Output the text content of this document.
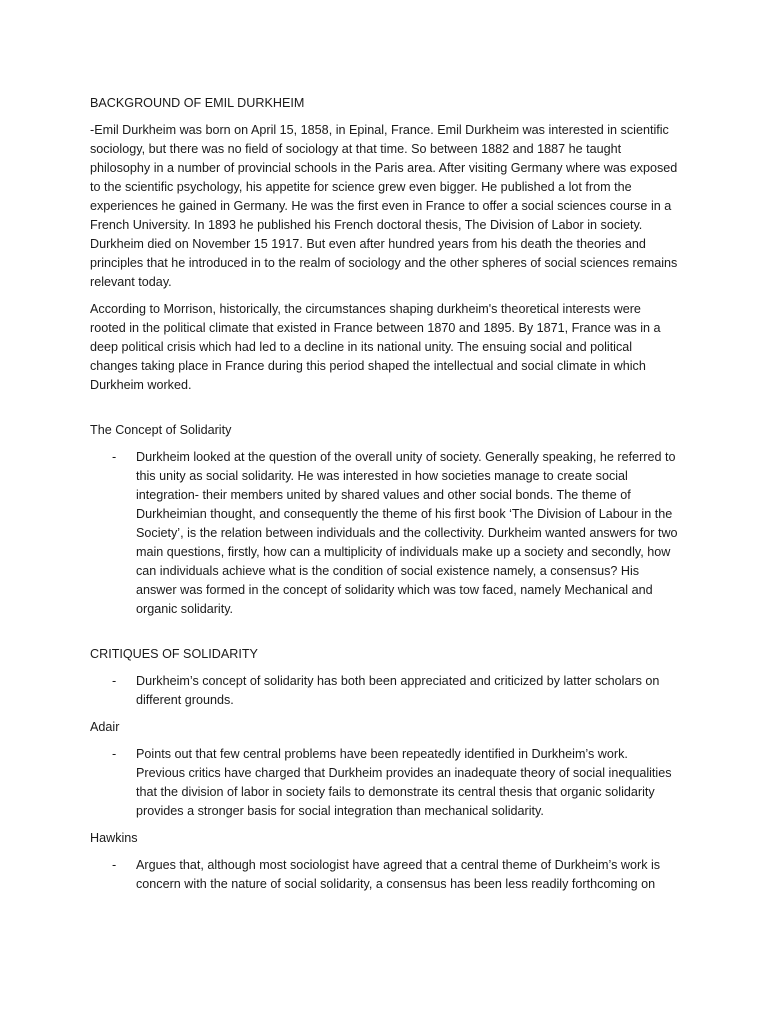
BACKGROUND OF EMIL DURKHEIM

-Emil Durkheim was born on April 15, 1858, in Epinal, France. Emil Durkheim was interested in scientific sociology, but there was no field of sociology at that time. So between 1882 and 1887 he taught philosophy in a number of provincial schools in the Paris area. After visiting Germany where was exposed to the scientific psychology, his appetite for science grew even bigger. He published a lot from the experiences he gained in Germany. He was the first even in France to offer a social sciences course in a French University. In 1893 he published his French doctoral thesis, The Division of Labor in society. Durkheim died on November 15 1917. But even after hundred years from his death the theories and principles that he introduced in to the realm of sociology and the other spheres of social sciences remains relevant today.

According to Morrison, historically, the circumstances shaping durkheim's theoretical interests were rooted in the political climate that existed in France between 1870 and 1895. By 1871, France was in a deep political crisis which had led to a decline in its national unity. The ensuing social and political changes taking place in France during this period shaped the intellectual and social climate in which Durkheim worked.

The Concept of Solidarity
-	Durkheim looked at the question of the overall unity of society. Generally speaking, he referred to this unity as social solidarity. He was interested in how societies manage to create social integration- their members united by shared values and other social bonds. The theme of Durkheimian thought, and consequently the theme of his first book ‘The Division of Labour in the Society’, is the relation between individuals and the collectivity. Durkheim wanted answers for two main questions, firstly, how can a multiplicity of individuals make up a society and secondly, how can individuals achieve what is the condition of social existence namely, a consensus? His answer was formed in the concept of solidarity which was tow faced, namely Mechanical and organic solidarity.
CRITIQUES OF SOLIDARITY
-	Durkheim’s concept of solidarity has both been appreciated and criticized by latter scholars on different grounds.
Adair
-	Points out that few central problems have been repeatedly identified in Durkheim’s work. Previous critics have charged that Durkheim provides an inadequate theory of social inequalities that the division of labor in society fails to demonstrate its central thesis that organic solidarity provides a stronger basis for social integration than mechanical solidarity.
Hawkins
-	Argues that, although most sociologist have agreed that a central theme of Durkheim’s work is concern with the nature of social solidarity, a consensus has been less readily forthcoming on
